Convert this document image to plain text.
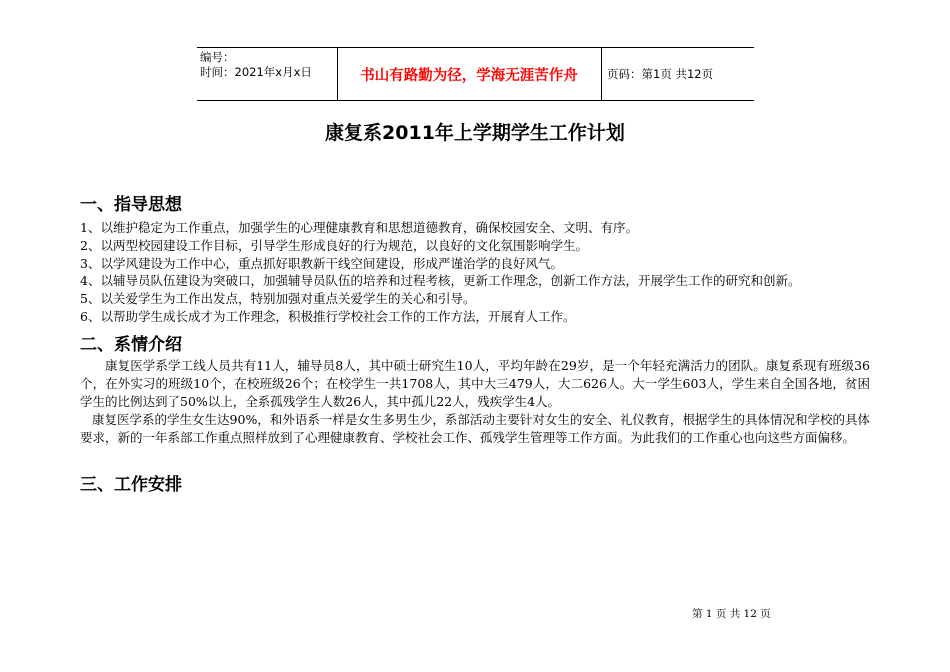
编号：
时间：2021年x月x日	书山有路勤为径，学海无涯苦作舟	页码：第1页 共12页
康复系2011年上学期学生工作计划
一、指导思想
1、以维护稳定为工作重点，加强学生的心理健康教育和思想道德教育，确保校园安全、文明、有序。
2、以两型校园建设工作目标，引导学生形成良好的行为规范，以良好的文化氛围影响学生。
3、以学风建设为工作中心，重点抓好职教新干线空间建设，形成严谨治学的良好风气。
4、以辅导员队伍建设为突破口，加强辅导员队伍的培养和过程考核，更新工作理念，创新工作方法，开展学生工作的研究和创新。
5、以关爱学生为工作出发点，特别加强对重点关爱学生的关心和引导。
6、以帮助学生成长成才为工作理念，积极推行学校社会工作的工作方法，开展育人工作。
二、系情介绍
康复医学系学工线人员共有11人，辅导员8人，其中硕士研究生10人，平均年龄在29岁，是一个年轻充满活力的团队。康复系现有班级36个，在外实习的班级10个，在校班级26个；在校学生一共1708人，其中大三479人，大二626人。大一学生603人，学生来自全国各地，贫困学生的比例达到了50%以上，全系孤残学生人数26人，其中孤儿22人，残疾学生4人。
康复医学系的学生女生达90%，和外语系一样是女生多男生少，系部活动主要针对女生的安全、礼仪教育，根据学生的具体情况和学校的具体要求，新的一年系部工作重点照样放到了心理健康教育、学校社会工作、孤残学生管理等工作方面。为此我们的工作重心也向这些方面偏移。
三、工作安排
第 1 页 共 12 页
